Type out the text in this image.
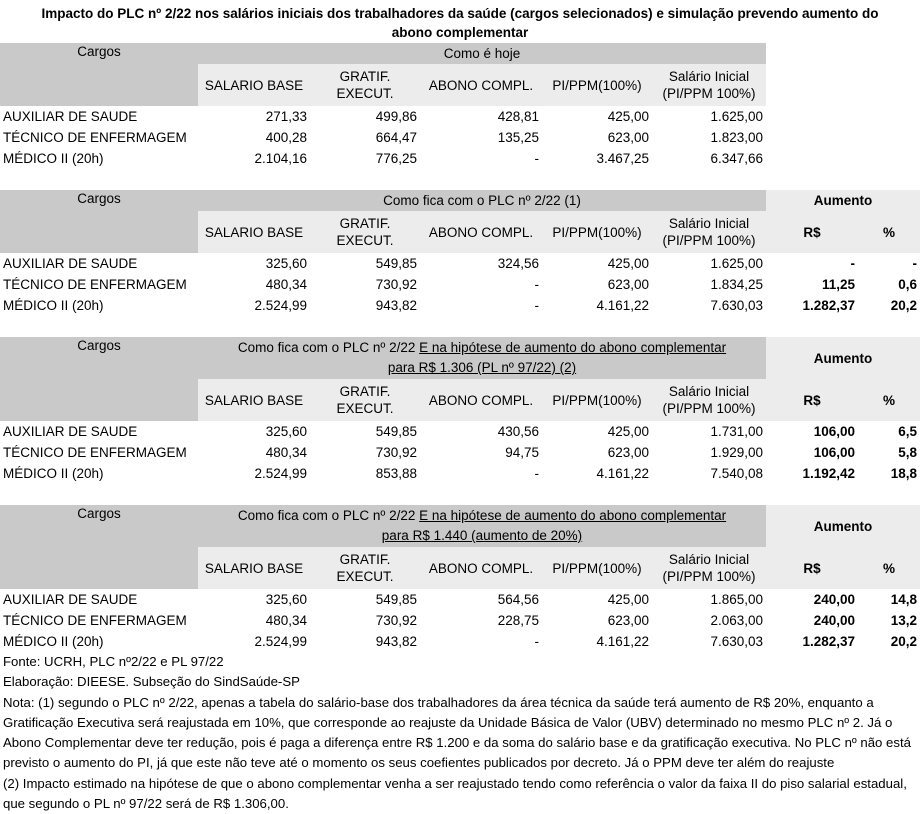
Impacto do PLC nº 2/22 nos salários iniciais dos trabalhadores da saúde (cargos selecionados) e simulação prevendo aumento do
abono complementar
Cargos	Como é hoje					
	SALARIO BASE	GRATIF.
EXECUT.	ABONO COMPL.	PI/PPM(100%)	Salário Inicial
(PI/PPM 100%)	
AUXILIAR DE SAUDE	271,33	499,86	428,81	425,00	1.625,00	
TÉCNICO DE ENFERMAGEM	400,28	664,47	135,25	623,00	1.823,00	
MÉDICO II (20h)	2.104,16	776,25	-	3.467,25	6.347,66	
Cargos	Como fica com o PLC nº 2/22 (1)					Aumento	
	SALARIO BASE	GRATIF.
EXECUT.	ABONO COMPL.	PI/PPM(100%)	Salário Inicial
(PI/PPM 100%)	R$	%
AUXILIAR DE SAUDE	325,60	549,85	324,56	425,00	1.625,00	-	-
TÉCNICO DE ENFERMAGEM	480,34	730,92	-	623,00	1.834,25	11,25	0,6
MÉDICO II (20h)	2.524,99	943,82	-	4.161,22	7.630,03	1.282,37	20,2
Cargos	Como fica com o PLC nº 2/22 E na hipótese de aumento do abono complementar
para R$ 1.306 (PL nº 97/22) (2)					Aumento	
	SALARIO BASE	GRATIF.
EXECUT.	ABONO COMPL.	PI/PPM(100%)	Salário Inicial
(PI/PPM 100%)	R$	%
AUXILIAR DE SAUDE	325,60	549,85	430,56	425,00	1.731,00	106,00	6,5
TÉCNICO DE ENFERMAGEM	480,34	730,92	94,75	623,00	1.929,00	106,00	5,8
MÉDICO II (20h)	2.524,99	853,88	-	4.161,22	7.540,08	1.192,42	18,8
Cargos	Como fica com o PLC nº 2/22 E na hipótese de aumento do abono complementar
para R$ 1.440 (aumento de 20%)					Aumento	
	SALARIO BASE	GRATIF.
EXECUT.	ABONO COMPL.	PI/PPM(100%)	Salário Inicial
(PI/PPM 100%)	R$	%
AUXILIAR DE SAUDE	325,60	549,85	564,56	425,00	1.865,00	240,00	14,8
TÉCNICO DE ENFERMAGEM	480,34	730,92	228,75	623,00	2.063,00	240,00	13,2
MÉDICO II (20h)	2.524,99	943,82	-	4.161,22	7.630,03	1.282,37	20,2

Fonte: UCRH, PLC nº2/22 e PL 97/22

Elaboração: DIEESE. Subseção do SindSaúde-SP

Nota: (1) segundo o PLC nº 2/22, apenas a tabela do salário-base dos trabalhadores da área técnica da saúde terá aumento de R$ 20%, enquanto a Gratificação Executiva será reajustada em 10%, que corresponde ao reajuste da Unidade Básica de Valor (UBV) determinado no mesmo PLC nº 2. Já o Abono Complementar deve ter redução, pois é paga a diferença entre R$ 1.200 e da soma do salário base e da gratificação executiva. No PLC nº não está previsto o aumento do PI, já que este não teve até o momento os seus coefientes publicados por decreto. Já o PPM deve ter além do reajuste

(2) Impacto estimado na hipótese de que o abono complementar venha a ser reajustado tendo como referência o valor da faixa II do piso salarial estadual, que segundo o PL nº 97/22 será de R$ 1.306,00.
